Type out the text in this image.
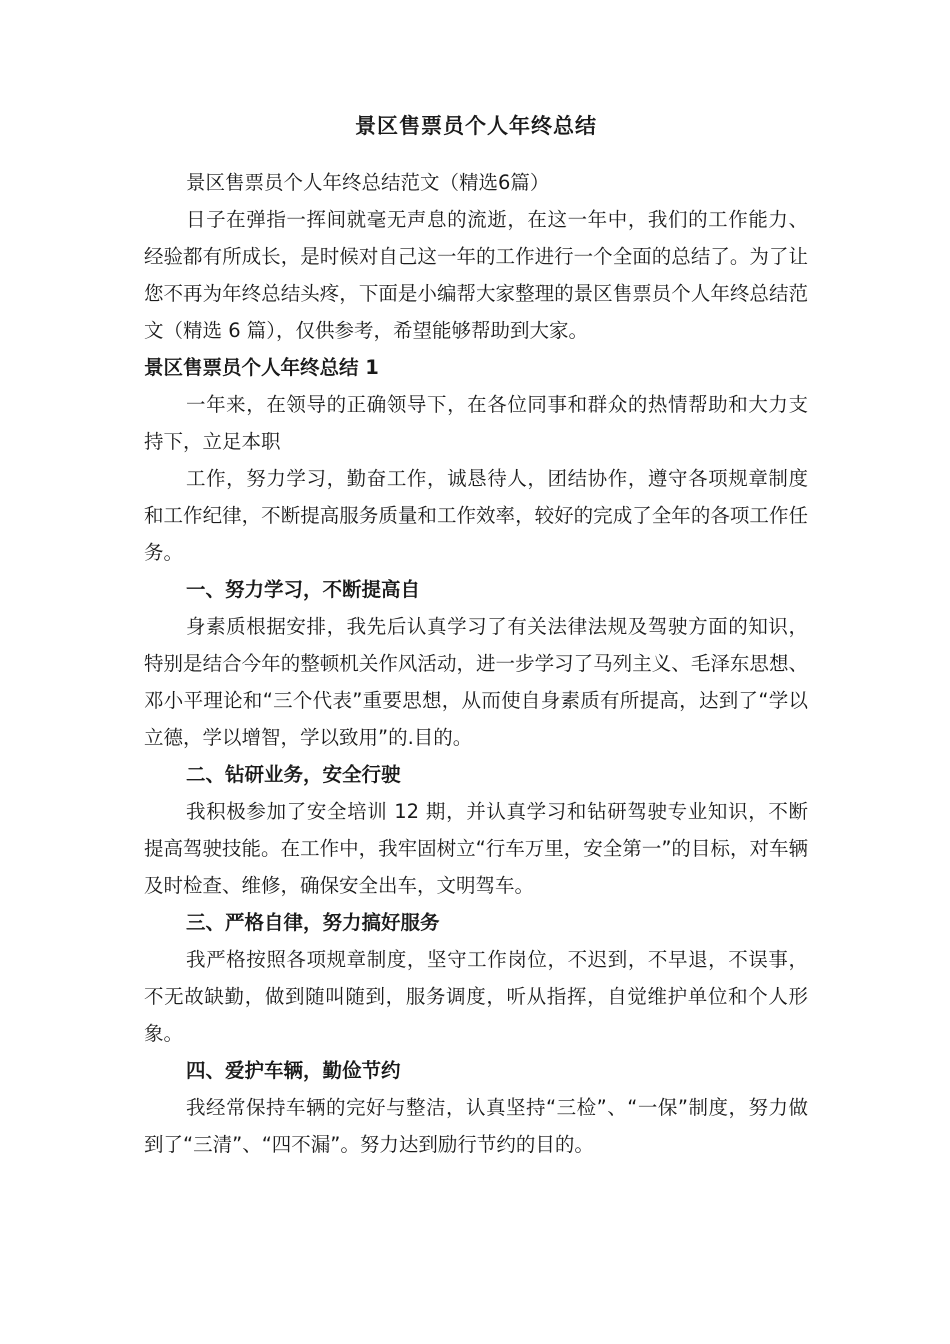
景区售票员个人年终总结

景区售票员个人年终总结范文（精选6篇）

日子在弹指一挥间就毫无声息的流逝，在这一年中，我们的工作能力、经验都有所成长，是时候对自己这一年的工作进行一个全面的总结了。为了让您不再为年终总结头疼，下面是小编帮大家整理的景区售票员个人年终总结范文（精选 6 篇），仅供参考，希望能够帮助到大家。

景区售票员个人年终总结 1

一年来，在领导的正确领导下，在各位同事和群众的热情帮助和大力支持下，立足本职

工作，努力学习，勤奋工作，诚恳待人，团结协作，遵守各项规章制度和工作纪律，不断提高服务质量和工作效率，较好的完成了全年的各项工作任务。

一、努力学习，不断提高自

身素质根据安排，我先后认真学习了有关法律法规及驾驶方面的知识，特别是结合今年的整顿机关作风活动，进一步学习了马列主义、毛泽东思想、邓小平理论和“三个代表”重要思想，从而使自身素质有所提高，达到了“学以立德，学以增智，学以致用”的.目的。

二、钻研业务，安全行驶

我积极参加了安全培训 12 期，并认真学习和钻研驾驶专业知识，不断提高驾驶技能。在工作中，我牢固树立“行车万里，安全第一”的目标，对车辆及时检查、维修，确保安全出车，文明驾车。

三、严格自律，努力搞好服务

我严格按照各项规章制度，坚守工作岗位，不迟到，不早退，不误事，不无故缺勤，做到随叫随到，服务调度，听从指挥，自觉维护单位和个人形象。

四、爱护车辆，勤俭节约

我经常保持车辆的完好与整洁，认真坚持“三检”、“一保”制度，努力做到了“三清”、“四不漏”。努力达到励行节约的目的。
